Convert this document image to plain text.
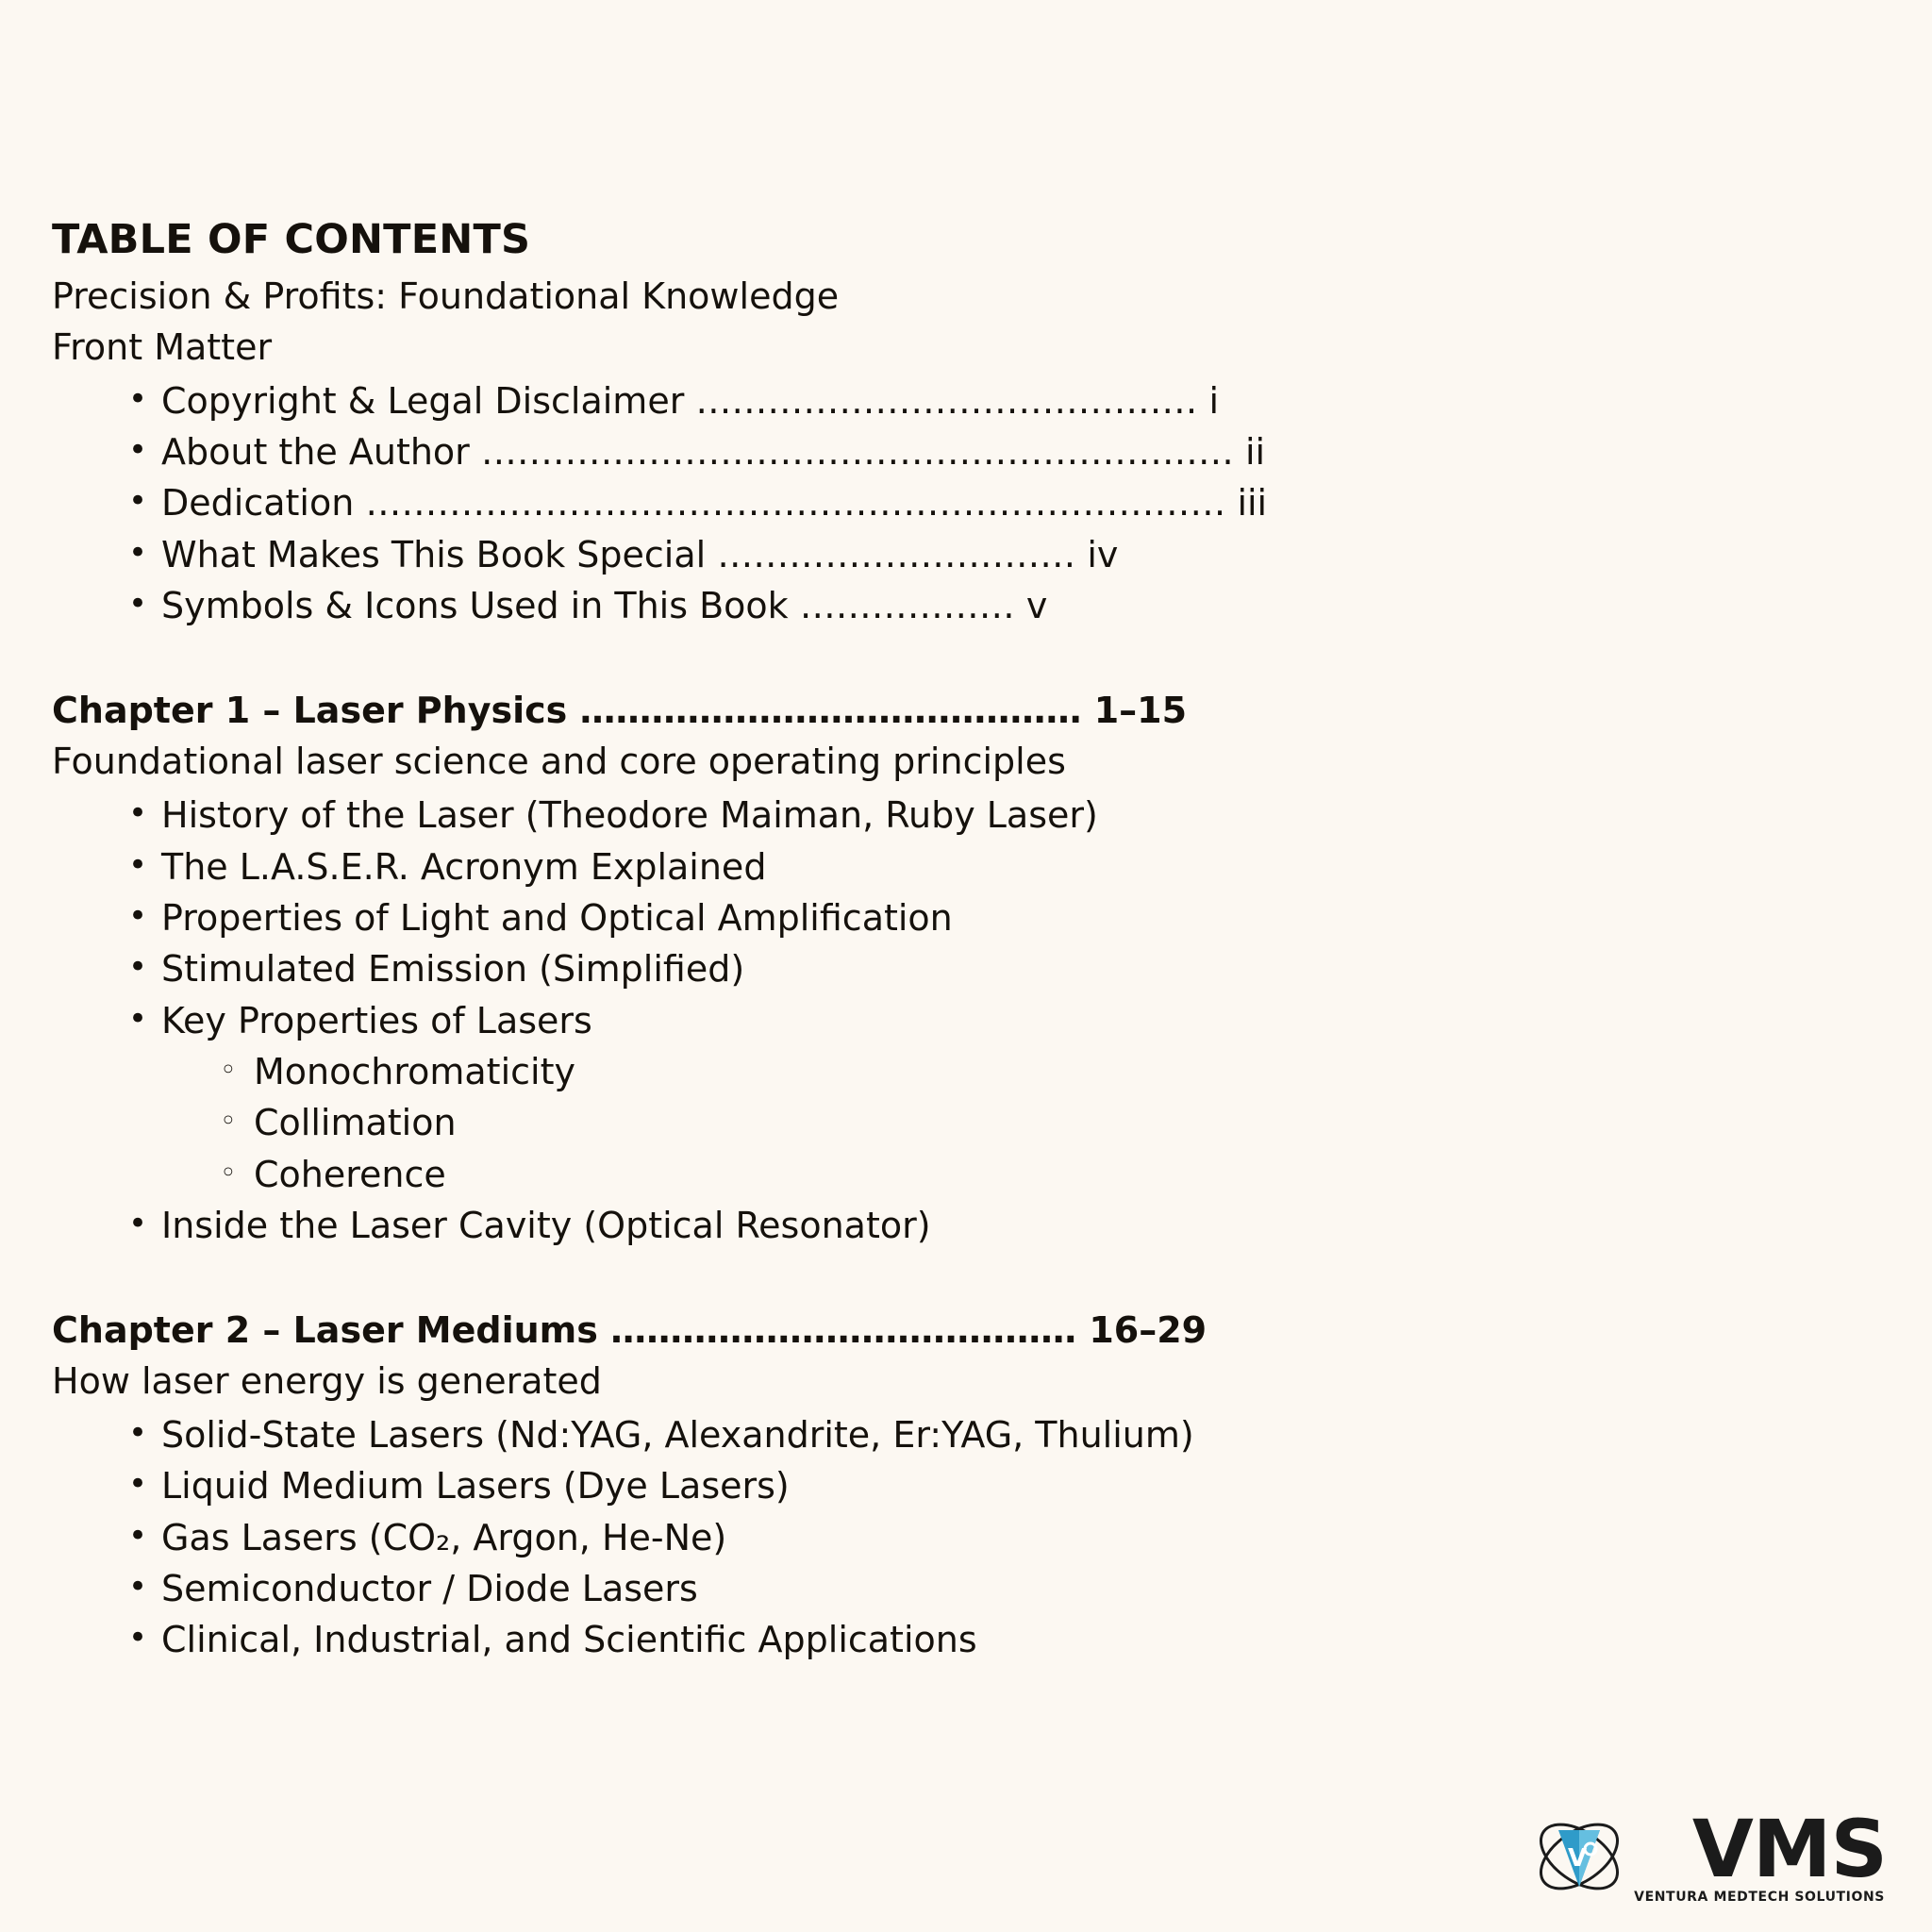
TABLE OF CONTENTS

Precision & Profits: Foundational Knowledge

Front Matter

• Copyright & Legal Disclaimer …………………………………… i
• About the Author ……………………………………………………… ii
• Dedication ……………………………………………………………… iii
• What Makes This Book Special ………………………… iv
• Symbols & Icons Used in This Book ……………… v

Chapter 1 – Laser Physics …………………………………… 1–15

Foundational laser science and core operating principles

• History of the Laser (Theodore Maiman, Ruby Laser)
• The L.A.S.E.R. Acronym Explained
• Properties of Light and Optical Amplification
• Stimulated Emission (Simplified)
• Key Properties of Lasers
◦ Monochromaticity
◦ Collimation
◦ Coherence
• Inside the Laser Cavity (Optical Resonator)

Chapter 2 – Laser Mediums ………………………………… 16–29

How laser energy is generated

• Solid-State Lasers (Nd:YAG, Alexandrite, Er:YAG, Thulium)
• Liquid Medium Lasers (Dye Lasers)
• Gas Lasers (CO₂, Argon, He-Ne)
• Semiconductor / Diode Lasers
• Clinical, Industrial, and Scientific Applications
V VMS
VENTURA MEDTECH SOLUTIONS
